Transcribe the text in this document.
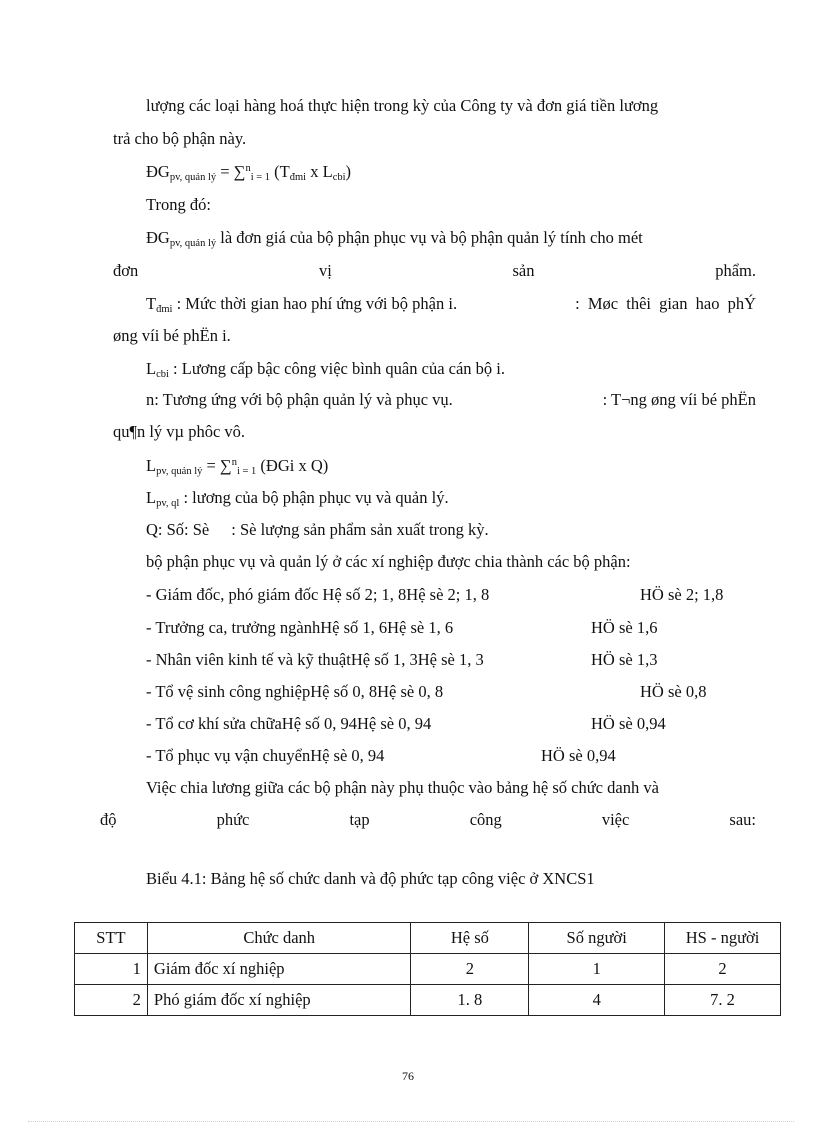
lượng các loại hàng hoá thực hiện trong kỳ của Công ty và đơn giá tiền lương
trả cho bộ phận này.
$ĐG_{pv, quản lý} = \sum^n_{i = 1}$ ($T_{đmi}$ x $L_{cbi}$)
Trong đó:
$ĐG_{pv, quản lý}$ là đơn giá của bộ phận phục vụ và bộ phận quản lý tính cho mét
đơn	vị	sản	phẩm.
$T_{đmi}$ : Mức thời gian hao phí ứng với bộ phận i.	: Møc thêi gian hao phÝ
øng víi bé phËn i.
$L_{cbi}$ : Lương cấp bậc công việc bình quân của cán bộ i.
n: Tương ứng với bộ phận quản lý và phục vụ.	: T¬ng øng víi bé phËn
qu¶n lý vµ phôc vô.
$L_{pv, quản lý} = \sum^n_{i = 1}$ (ĐGi x Q)
$L_{pv, ql}$ : lương của bộ phận phục vụ và quản lý.
Q: Số: Sè : Sè lượng sản phẩm sản xuất trong kỳ.
bộ phận phục vụ và quản lý ở các xí nghiệp được chia thành các bộ phận:
- Giám đốc, phó giám đốc Hệ số 2; 1, 8Hệ sè 2; 1, 8	HÖ sè 2; 1,8
- Trưởng ca, trưởng ngànhHệ số 1, 6Hệ sè 1, 6	HÖ sè 1,6
- Nhân viên kinh tế và kỹ thuậtHệ số 1, 3Hệ sè 1, 3	HÖ sè 1,3
- Tổ vệ sinh công nghiệpHệ số 0, 8Hệ sè 0, 8	HÖ sè 0,8
- Tổ cơ khí sửa chữaHệ số 0, 94Hệ sè 0, 94	HÖ sè 0,94
- Tổ phục vụ vận chuyểnHệ sè 0, 94	HÖ sè 0,94
Việc chia lương giữa các bộ phận này phụ thuộc vào bảng hệ số chức danh và
độ	phức	tạp	công	việc	sau:
Biểu 4.1: Bảng hệ số chức danh và độ phức tạp công việc ở XNCS1
STT	Chức danh	Hệ số	Số người	HS - người
1	Giám đốc xí nghiệp	2	1	2
2	Phó giám đốc xí nghiệp	1. 8	4	7. 2
76
